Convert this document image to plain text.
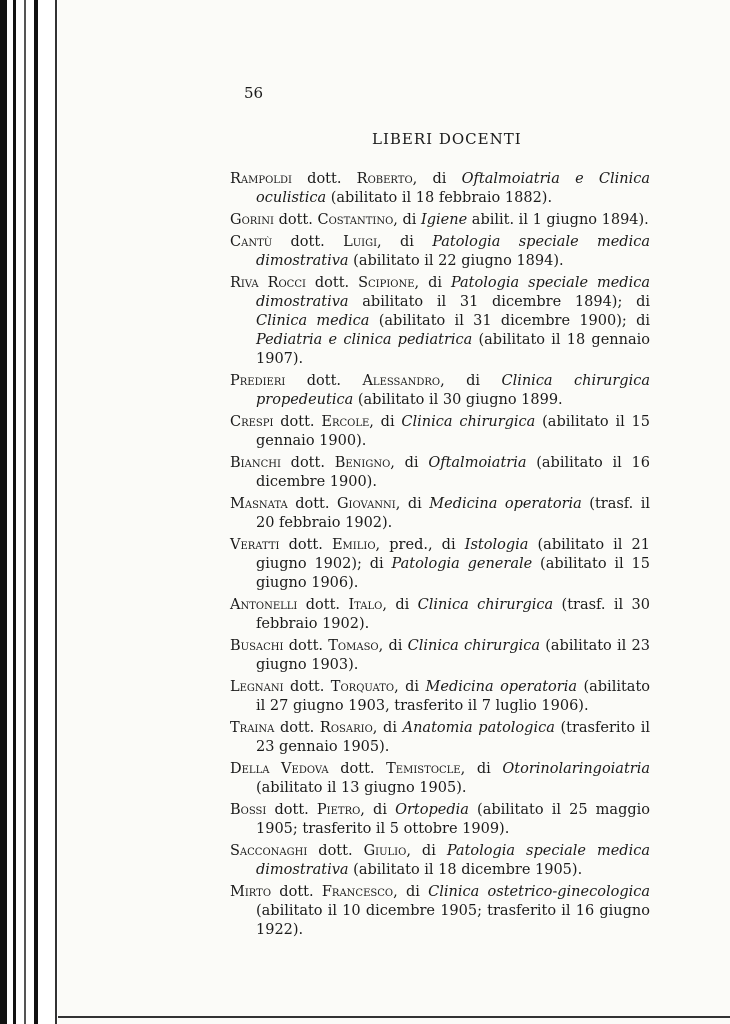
56
LIBERI DOCENTI

Rampoldi dott. Roberto, di Oftalmoiatria e Clinica oculistica (abilitato il 18 febbraio 1882).

Gorini dott. Costantino, di Igiene abilit. il 1 giugno 1894).

Cantù dott. Luigi, di Patologia speciale medica dimostrativa (abilitato il 22 giugno 1894).

Riva Rocci dott. Scipione, di Patologia speciale medica dimostrativa abilitato il 31 dicembre 1894); di Clinica medica (abilitato il 31 dicembre 1900); di Pediatria e clinica pediatrica (abilitato il 18 gennaio 1907).

Predieri dott. Alessandro, di Clinica chirurgica propedeutica (abilitato il 30 giugno 1899.

Crespi dott. Ercole, di Clinica chirurgica (abilitato il 15 gennaio 1900).

Bianchi dott. Benigno, di Oftalmoiatria (abilitato il 16 dicembre 1900).

Masnata dott. Giovanni, di Medicina operatoria (trasf. il 20 febbraio 1902).

Veratti dott. Emilio, pred., di Istologia (abilitato il 21 giugno 1902); di Patologia generale (abilitato il 15 giugno 1906).

Antonelli dott. Italo, di Clinica chirurgica (trasf. il 30 febbraio 1902).

Busachi dott. Tomaso, di Clinica chirurgica (abilitato il 23 giugno 1903).

Legnani dott. Torquato, di Medicina operatoria (abilitato il 27 giugno 1903, trasferito il 7 luglio 1906).

Traina dott. Rosario, di Anatomia patologica (trasferito il 23 gennaio 1905).

Della Vedova dott. Temistocle, di Otorinolaringoiatria (abilitato il 13 giugno 1905).

Bossi dott. Pietro, di Ortopedia (abilitato il 25 maggio 1905; trasferito il 5 ottobre 1909).

Sacconaghi dott. Giulio, di Patologia speciale medica dimostrativa (abilitato il 18 dicembre 1905).

Mirto dott. Francesco, di Clinica ostetrico-ginecologica (abilitato il 10 dicembre 1905; trasferito il 16 giugno 1922).
